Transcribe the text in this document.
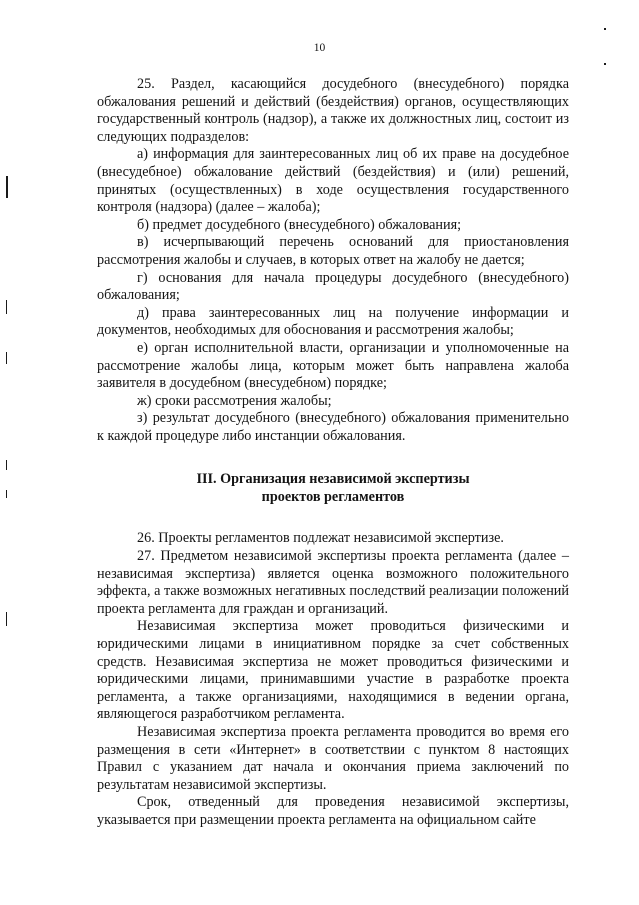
10

25. Раздел, касающийся досудебного (внесудебного) порядка обжалования решений и действий (бездействия) органов, осуществляющих государственный контроль (надзор), а также их должностных лиц, состоит из следующих подразделов:

а) информация для заинтересованных лиц об их праве на досудебное (внесудебное) обжалование действий (бездействия) и (или) решений, принятых (осуществленных) в ходе осуществления государственного контроля (надзора) (далее – жалоба);

б) предмет досудебного (внесудебного) обжалования;

в) исчерпывающий перечень оснований для приостановления рассмотрения жалобы и случаев, в которых ответ на жалобу не дается;

г) основания для начала процедуры досудебного (внесудебного) обжалования;

д) права заинтересованных лиц на получение информации и документов, необходимых для обоснования и рассмотрения жалобы;

е) орган исполнительной власти, организации и уполномоченные на рассмотрение жалобы лица, которым может быть направлена жалоба заявителя в досудебном (внесудебном) порядке;

ж) сроки рассмотрения жалобы;

з) результат досудебного (внесудебного) обжалования применительно к каждой процедуре либо инстанции обжалования.

III. Организация независимой экспертизы
проектов регламентов

26. Проекты регламентов подлежат независимой экспертизе.

27. Предметом независимой экспертизы проекта регламента (далее – независимая экспертиза) является оценка возможного положительного эффекта, а также возможных негативных последствий реализации положений проекта регламента для граждан и организаций.

Независимая экспертиза может проводиться физическими и юридическими лицами в инициативном порядке за счет собственных средств. Независимая экспертиза не может проводиться физическими и юридическими лицами, принимавшими участие в разработке проекта регламента, а также организациями, находящимися в ведении органа, являющегося разработчиком регламента.

Независимая экспертиза проекта регламента проводится во время его размещения в сети «Интернет» в соответствии с пунктом 8 настоящих Правил с указанием дат начала и окончания приема заключений по результатам независимой экспертизы.

Срок, отведенный для проведения независимой экспертизы, указывается при размещении проекта регламента на официальном сайте
